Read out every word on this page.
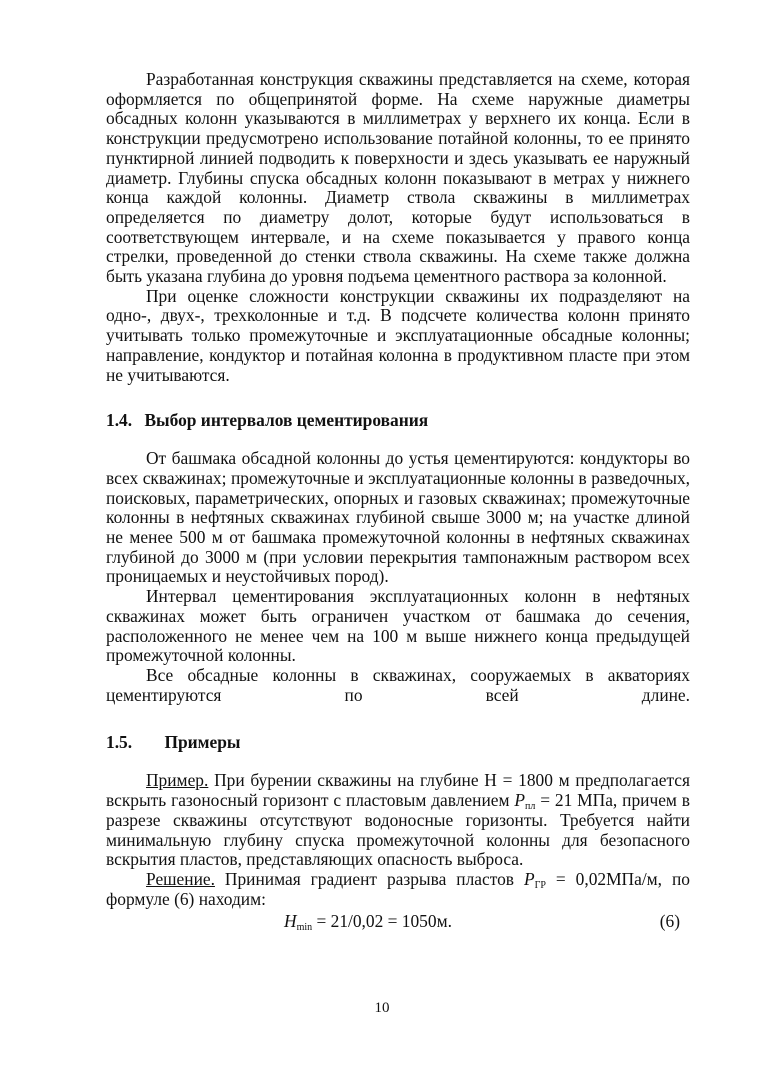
Разработанная конструкция скважины представляется на схеме, которая оформляется по общепринятой форме. На схеме наружные диаметры обсадных колонн указываются в миллиметрах у верхнего их конца. Если в конструкции предусмотрено использование потайной колонны, то ее принято пунктирной линией подводить к поверхности и здесь указывать ее наружный диаметр. Глубины спуска обсадных колонн показывают в метрах у нижнего конца каждой колонны. Диаметр ствола скважины в миллиметрах определяется по диаметру долот, которые будут использоваться в соответствующем интервале, и на схеме показывается у правого конца стрелки, проведенной до стенки ствола скважины. На схеме также должна быть указана глубина до уровня подъема цементного раствора за колонной.

При оценке сложности конструкции скважины их подразделяют на одно-, двух-, трехколонные и т.д. В подсчете количества колонн принято учитывать только промежуточные и эксплуатационные обсадные колонны; направление, кондуктор и потайная колонна в продуктивном пласте при этом не учитываются.

1.4. Выбор интервалов цементирования

От башмака обсадной колонны до устья цементируются: кондукторы во всех скважинах; промежуточные и эксплуатационные колонны в разведочных, поисковых, параметрических, опорных и газовых скважинах; промежуточные колонны в нефтяных скважинах глубиной свыше 3000 м; на участке длиной не менее 500 м от башмака промежуточной колонны в нефтяных скважинах глубиной до 3000 м (при условии перекрытия тампонажным раствором всех проницаемых и неустойчивых пород).

Интервал цементирования эксплуатационных колонн в нефтяных скважинах может быть ограничен участком от башмака до сечения, расположенного не менее чем на 100 м выше нижнего конца предыдущей промежуточной колонны.

Все обсадные колонны в скважинах, сооружаемых в акваториях цементируются по всей длине.

1.5. Примеры

Пример. При бурении скважины на глубине Н = 1800 м предполагается вскрыть газоносный горизонт с пластовым давлением $P_{пл} = 21$ МПа, причем в разрезе скважины отсутствуют водоносные горизонты. Требуется найти минимальную глубину спуска промежуточной колонны для безопасного вскрытия пластов, представляющих опасность выброса.

Решение. Принимая градиент разрыва пластов $P_{ГР} = 0,02МПа/м$, по формуле (6) находим:

$H_{min} = 21/0,02 = 1050м$.	(6)
10
